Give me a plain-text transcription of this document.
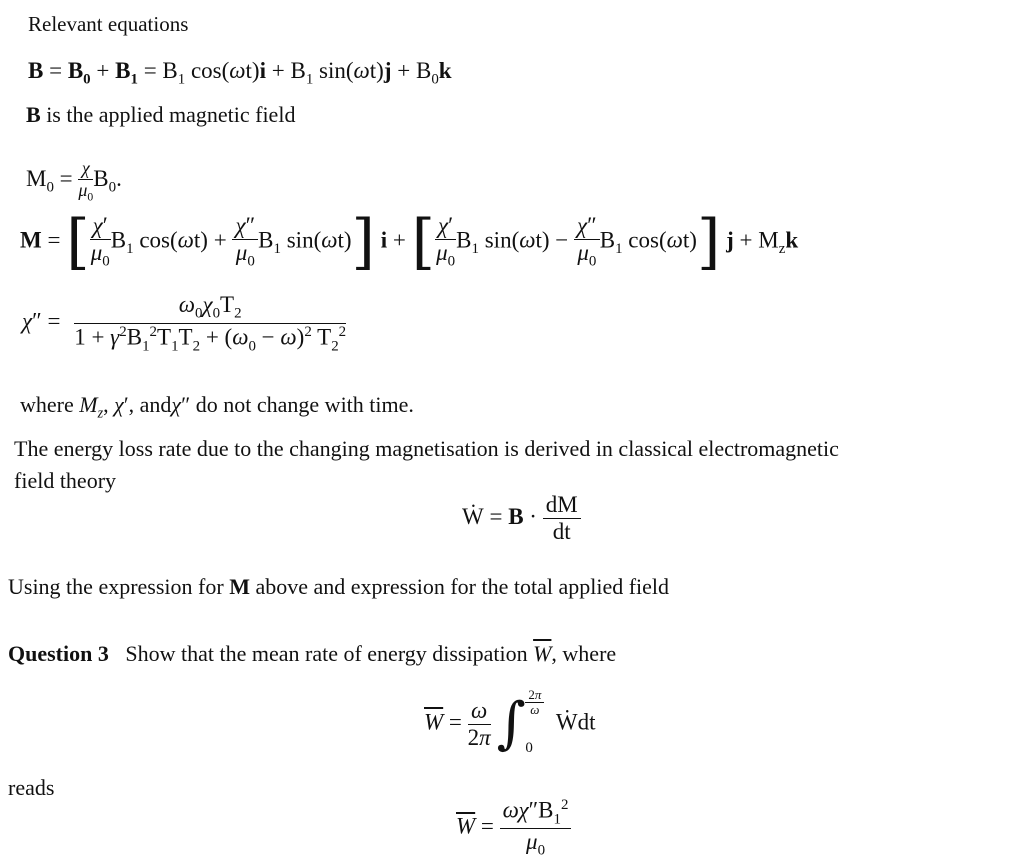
Relevant equations
$B = B_0 + B_1 = B_1$ $\cos(\omega t)i + B_1$ $\sin(\omega t)j + B_0k$
B is the applied magnetic field
$M_0 = \frac{\chi}{\mu_0} B_0$.
M = [ $\frac{\chi'}{\mu_0} B_1$ $\cos(\omega t) + \frac{\chi''}{\mu_0} B_1$ sin(ωt)] i + [ $\frac{\chi'}{\mu_0} B_1$ $\sin(\omega t) - \frac{\chi''}{\mu_0} B_1$ cos(ωt)] $j + M_zk$
$\chi'' = \frac{\omega_0\chi_0T_2}{1 + \gamma^2B_1^2T_1T_2 + (\omega_0 - \omega)^2 T_2^2}$
where $M_z$, χ′, andχ″ do not change with time.
The energy loss rate due to the changing magnetisation is derived in classical electromagnetic
field theory
Ẇ = $B \cdot \frac{dM}{dt}$
Using the expression for M above and expression for the total applied field
Question 3   Show that the mean rate of energy dissipation $\overline{W}$, where
$\overline{W} = \frac{\omega}{2\pi}$ ∫ $\frac{2\pi}{\omega}$

0  Ẇdt
reads
$\overline{W} = \frac{\omega\chi''B_1^2}{\mu_0}$
